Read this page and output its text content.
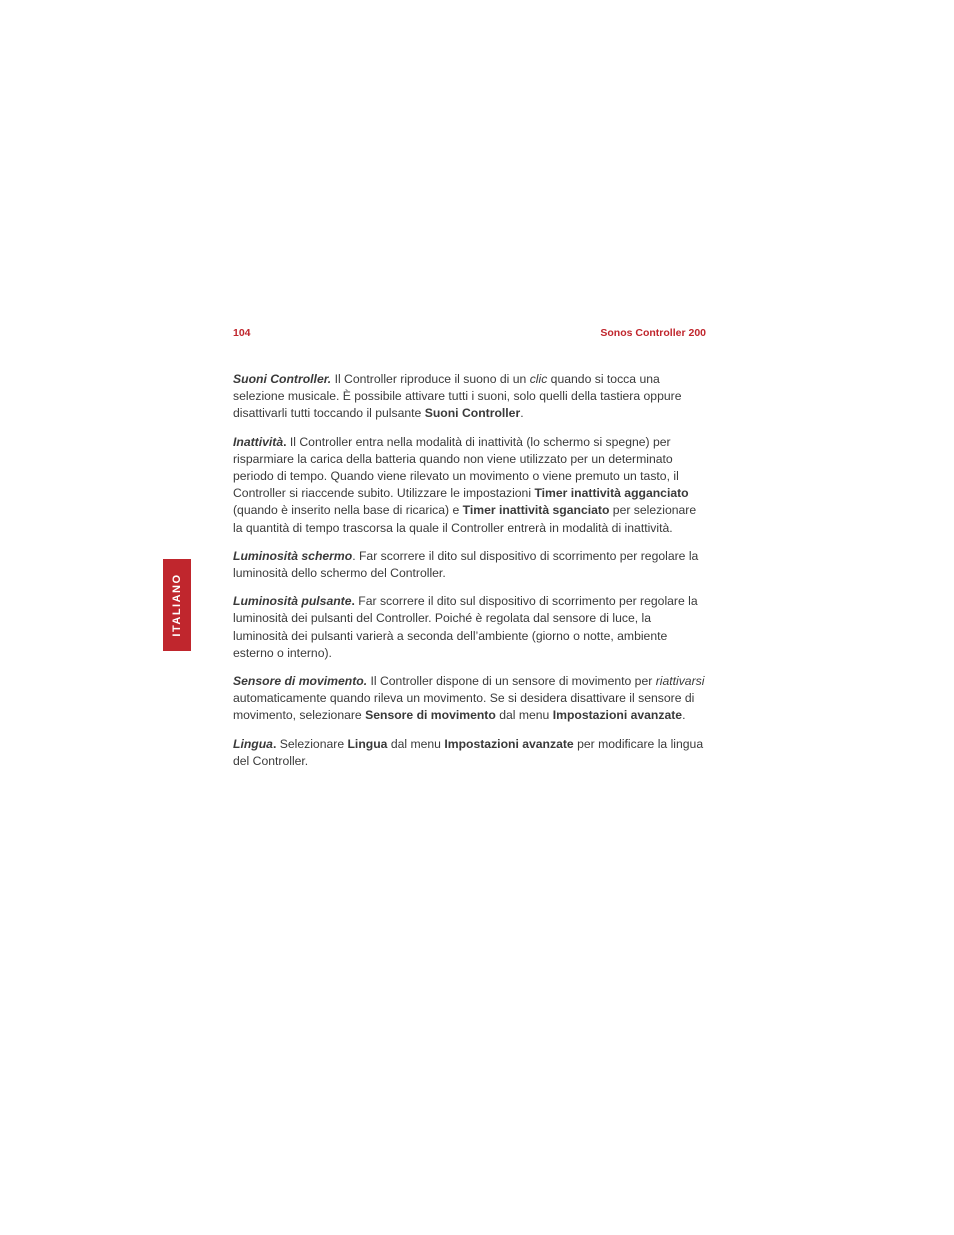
104	Sonos Controller 200
ITALIANO

Suoni Controller. Il Controller riproduce il suono di un clic quando si tocca una selezione musicale. È possibile attivare tutti i suoni, solo quelli della tastiera oppure disattivarli tutti toccando il pulsante Suoni Controller.

Inattività. Il Controller entra nella modalità di inattività (lo schermo si spegne) per risparmiare la carica della batteria quando non viene utilizzato per un determinato periodo di tempo. Quando viene rilevato un movimento o viene premuto un tasto, il Controller si riaccende subito. Utilizzare le impostazioni Timer inattività agganciato (quando è inserito nella base di ricarica) e Timer inattività sganciato per selezionare la quantità di tempo trascorsa la quale il Controller entrerà in modalità di inattività.

Luminosità schermo. Far scorrere il dito sul dispositivo di scorrimento per regolare la luminosità dello schermo del Controller.

Luminosità pulsante. Far scorrere il dito sul dispositivo di scorrimento per regolare la luminosità dei pulsanti del Controller. Poiché è regolata dal sensore di luce, la luminosità dei pulsanti varierà a seconda dell’ambiente (giorno o notte, ambiente esterno o interno).

Sensore di movimento. Il Controller dispone di un sensore di movimento per riattivarsi automaticamente quando rileva un movimento. Se si desidera disattivare il sensore di movimento, selezionare Sensore di movimento dal menu Impostazioni avanzate.

Lingua. Selezionare Lingua dal menu Impostazioni avanzate per modificare la lingua del Controller.
